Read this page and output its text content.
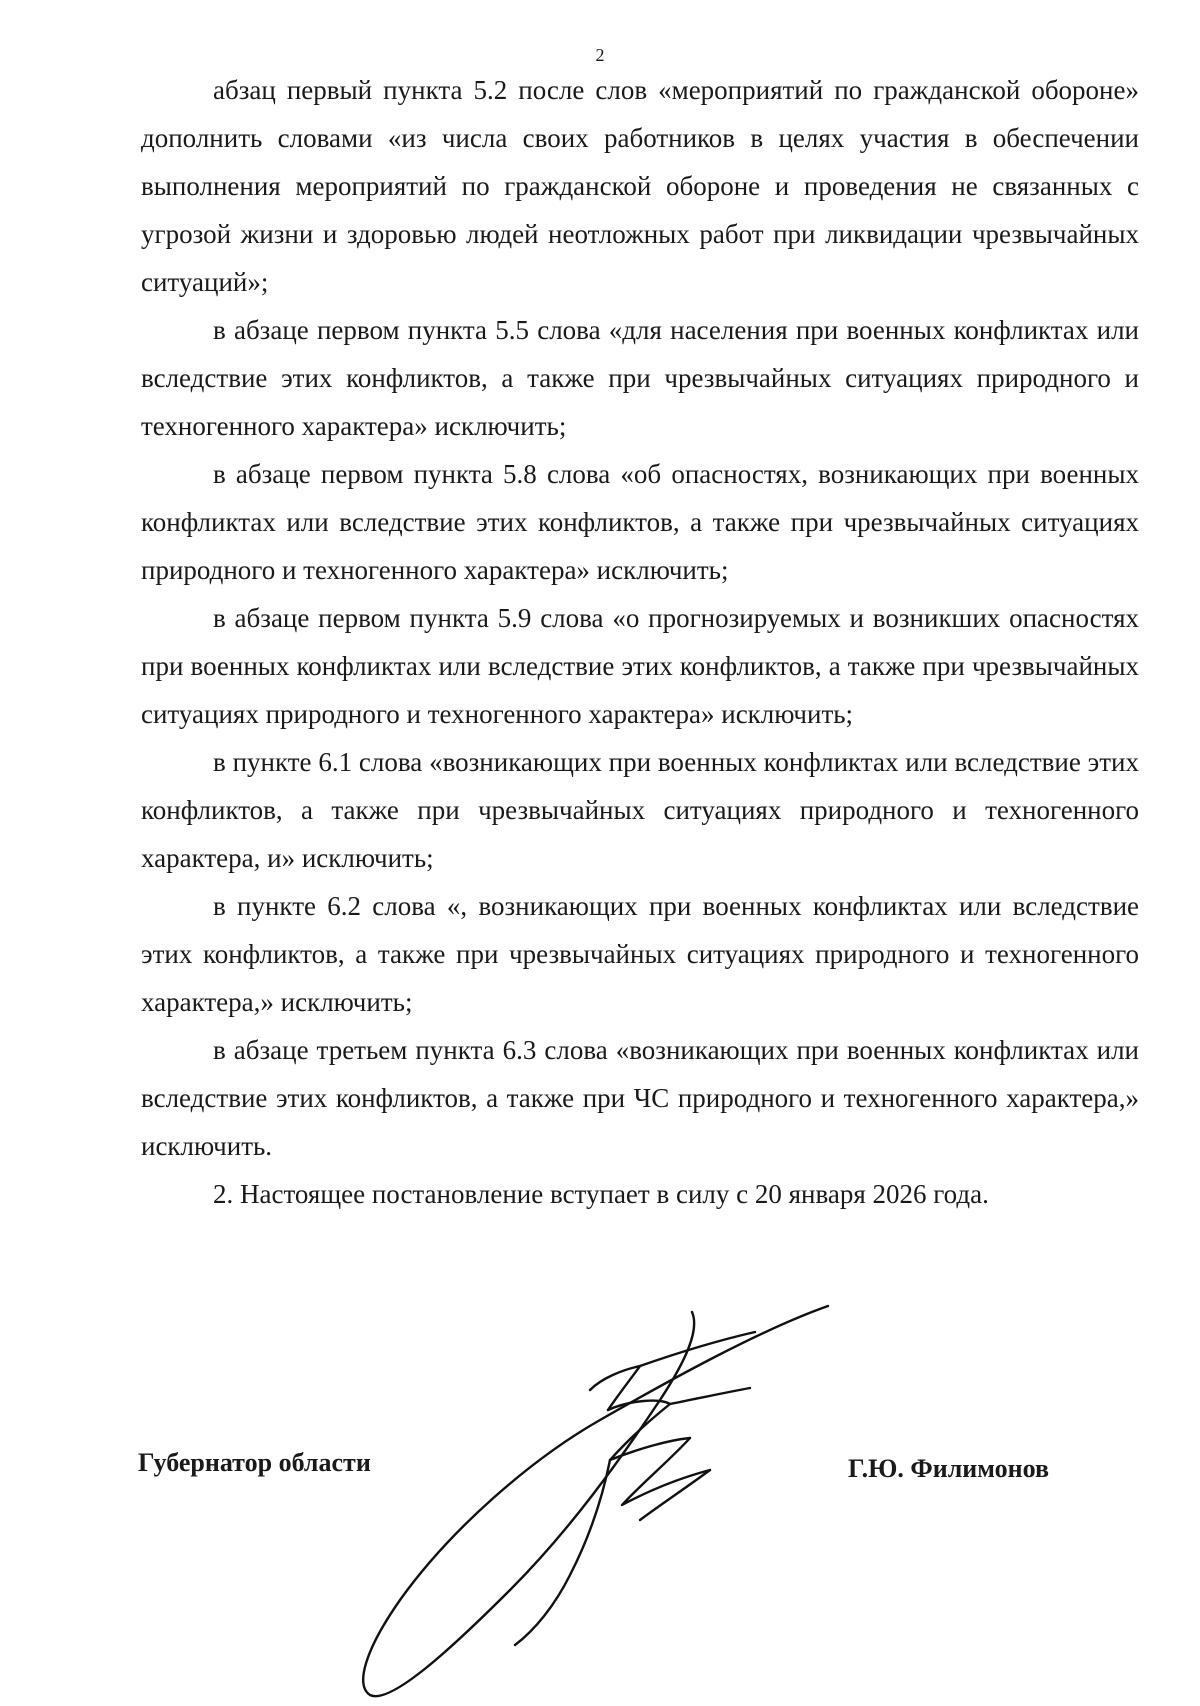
2

абзац первый пункта 5.2 после слов «мероприятий по гражданской обороне» дополнить словами «из числа своих работников в целях участия в обеспечении выполнения мероприятий по гражданской обороне и проведения не связанных с угрозой жизни и здоровью людей неотложных работ при ликвидации чрезвычайных ситуаций»;

в абзаце первом пункта 5.5 слова «для населения при военных конфликтах или вследствие этих конфликтов, а также при чрезвычайных ситуациях природного и техногенного характера» исключить;

в абзаце первом пункта 5.8 слова «об опасностях, возникающих при военных конфликтах или вследствие этих конфликтов, а также при чрезвычайных ситуациях природного и техногенного характера» исключить;

в абзаце первом пункта 5.9 слова «о прогнозируемых и возникших опасностях при военных конфликтах или вследствие этих конфликтов, а также при чрезвычайных ситуациях природного и техногенного характера» исключить;

в пункте 6.1 слова «возникающих при военных конфликтах или вследствие этих конфликтов, а также при чрезвычайных ситуациях природного и техногенного характера, и» исключить;

в пункте 6.2 слова «, возникающих при военных конфликтах или вследствие этих конфликтов, а также при чрезвычайных ситуациях природного и техногенного характера,» исключить;

в абзаце третьем пункта 6.3 слова «возникающих при военных конфликтах или вследствие этих конфликтов, а также при ЧС природного и техногенного характера,» исключить.

2. Настоящее постановление вступает в силу с 20 января 2026 года.

Губернатор области	Г.Ю. Филимонов
